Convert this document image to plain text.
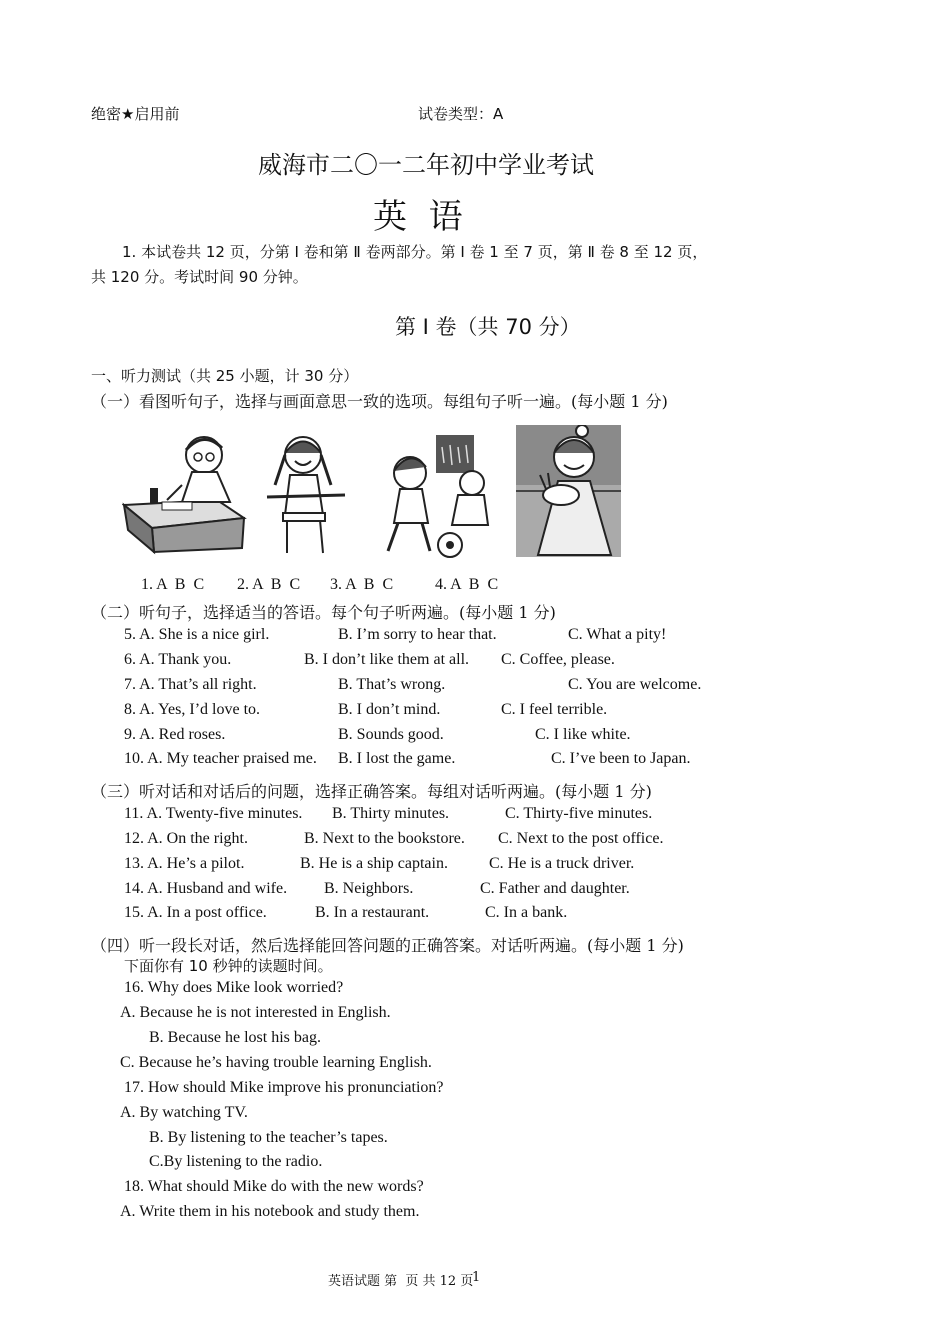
绝密★启用前	试卷类型：A
威海市二〇一二年初中学业考试
英  语
1. 本试卷共 12 页，分第 Ⅰ 卷和第 Ⅱ 卷两部分。第 Ⅰ 卷 1 至 7 页，第 Ⅱ 卷 8 至 12 页，
共 120 分。考试时间 90 分钟。
第 Ⅰ 卷（共 70 分）
一、听力测试（共 25 小题，计 30 分）
（一）看图听句子，选择与画面意思一致的选项。每组句子听一遍。(每小题 1 分)
1. A  B  C 2. A  B  C 3. A  B  C	4. A  B  C
（二）听句子，选择适当的答语。每个句子听两遍。(每小题 1 分)
5. A. She is a nice girl.	B. I’m sorry to hear that.	C. What a pity!
6. A. Thank you.	B. I don’t like them at all. C. Coffee, please.
7. A. That’s all right.	B. That’s wrong.	C. You are welcome.
8. A. Yes, I’d love to.	B. I don’t mind.	C. I feel terrible.
9. A. Red roses.	B. Sounds good.	C. I like white.
10. A. My teacher praised me. B. I lost the game.	C. I’ve been to Japan.
（三）听对话和对话后的问题，选择正确答案。每组对话听两遍。(每小题 1 分)
11. A. Twenty-five minutes. B. Thirty minutes.	C. Thirty-five minutes.
12. A. On the right.	B. Next to the bookstore. C. Next to the post office.
13. A. He’s a pilot.	B. He is a ship captain.	C. He is a truck driver.
14. A. Husband and wife. B. Neighbors.	C. Father and daughter.
15. A. In a post office.	B. In a restaurant.	C. In a bank.
（四）听一段长对话，然后选择能回答问题的正确答案。对话听两遍。(每小题 1 分)
下面你有 10 秒钟的读题时间。
16. Why does Mike look worried?
A. Because he is not interested in English.
B. Because he lost his bag.
C. Because he’s having trouble learning English.
17. How should Mike improve his pronunciation?
A. By watching TV.
B. By listening to the teacher’s tapes.
C.By listening to the radio.
18. What should Mike do with the new words?
A. Write them in his notebook and study them.
英语试题 第  页 共 12 页
1
